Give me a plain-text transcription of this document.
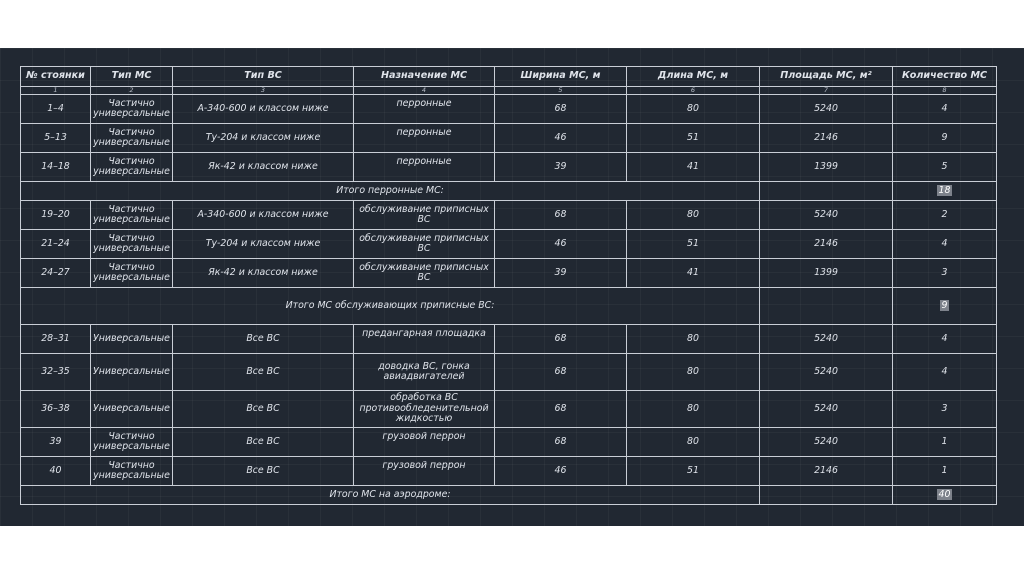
№ стоянки	Тип МС	Тип ВС	Назначение МС	Ширина МС, м	Длина МС, м	Площадь МС, м²	Количество МС
1	2	3	4	5	6	7	8
1–4	Частично универсальные	А-340-600 и классом ниже	перронные	68	80	5240	4
5–13	Частично универсальные	Ту-204 и классом ниже	перронные	46	51	2146	9
14–18	Частично универсальные	Як-42 и классом ниже	перронные	39	41	1399	5
Итого перронные МС:							18
19–20	Частично универсальные	А-340-600 и классом ниже	обслуживание приписных ВС	68	80	5240	2
21–24	Частично универсальные	Ту-204 и классом ниже	обслуживание приписных ВС	46	51	2146	4
24–27	Частично универсальные	Як-42 и классом ниже	обслуживание приписных ВС	39	41	1399	3
Итого МС обслуживающих приписные ВС:							9
28–31	Универсальные	Все ВС	предангарная площадка	68	80	5240	4
32–35	Универсальные	Все ВС	доводка ВС, гонка авиадвигателей	68	80	5240	4
36–38	Универсальные	Все ВС	обработка ВС противообледенительной жидкостью	68	80	5240	3
39	Частично универсальные	Все ВС	грузовой перрон	68	80	5240	1
40	Частично универсальные	Все ВС	грузовой перрон	46	51	2146	1
Итого МС на аэродроме:							40
